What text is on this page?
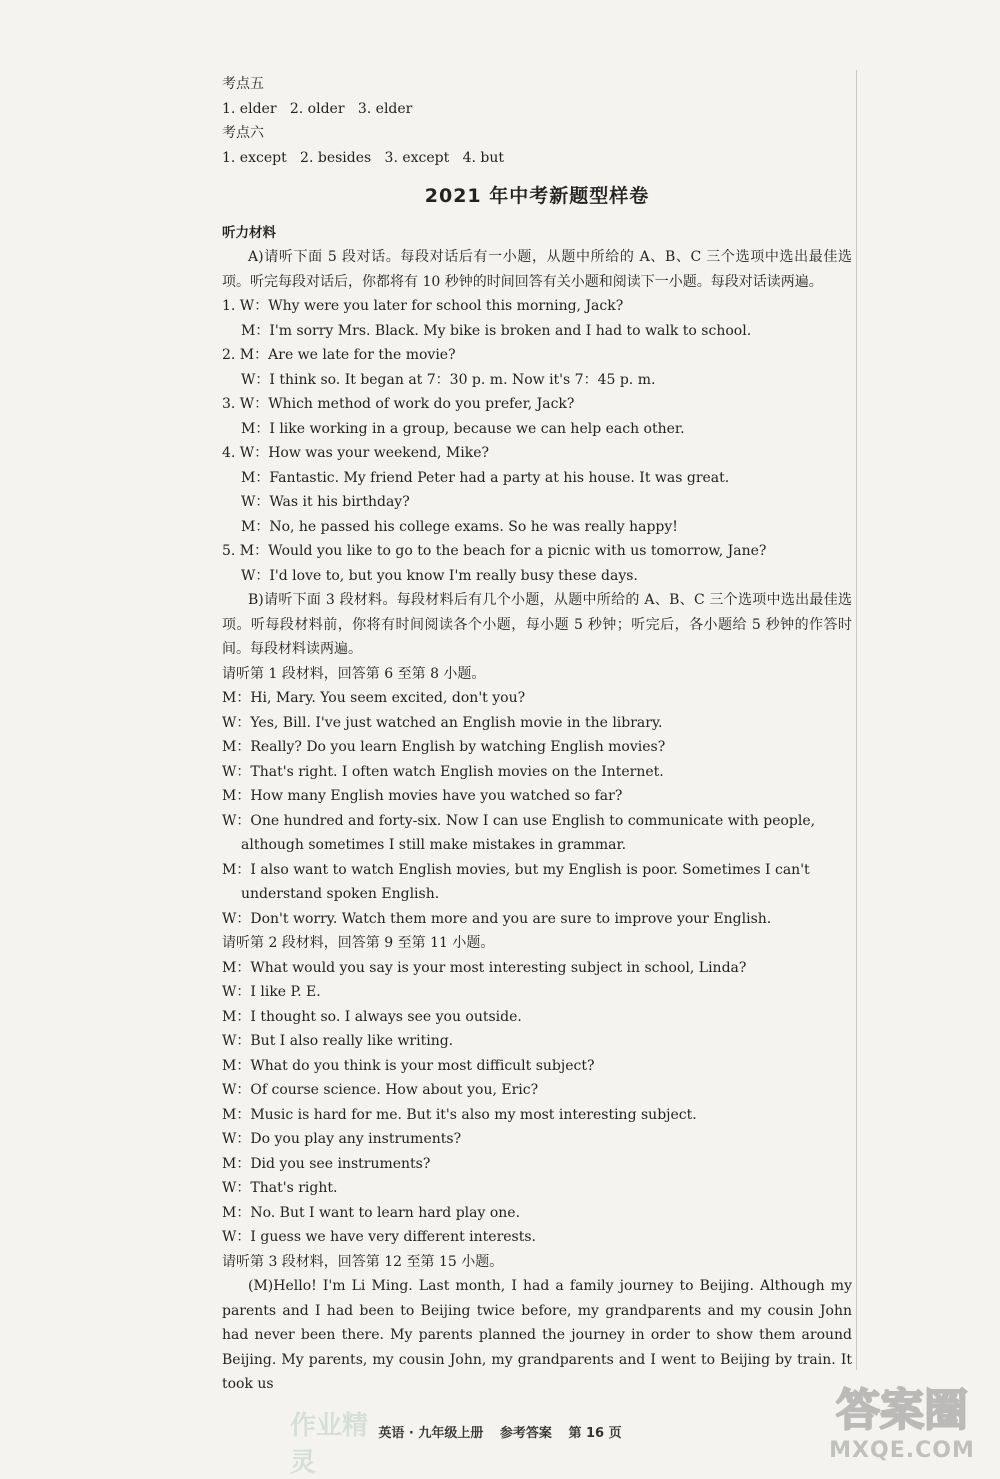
考点五
1. elder   2. older   3. elder
考点六
1. except   2. besides   3. except   4. but
2021 年中考新题型样卷
听力材料
A)请听下面 5 段对话。每段对话后有一小题，从题中所给的 A、B、C 三个选项中选出最佳选项。听完每段对话后，你都将有 10 秒钟的时间回答有关小题和阅读下一小题。每段对话读两遍。
1. W：Why were you later for school this morning, Jack?
M：I'm sorry Mrs. Black. My bike is broken and I had to walk to school.
2. M：Are we late for the movie?
W：I think so. It began at 7：30 p. m. Now it's 7：45 p. m.
3. W：Which method of work do you prefer, Jack?
M：I like working in a group, because we can help each other.
4. W：How was your weekend, Mike?
M：Fantastic. My friend Peter had a party at his house. It was great.
W：Was it his birthday?
M：No, he passed his college exams. So he was really happy!
5. M：Would you like to go to the beach for a picnic with us tomorrow, Jane?
W：I'd love to, but you know I'm really busy these days.
B)请听下面 3 段材料。每段材料后有几个小题，从题中所给的 A、B、C 三个选项中选出最佳选项。听每段材料前，你将有时间阅读各个小题，每小题 5 秒钟；听完后，各小题给 5 秒钟的作答时间。每段材料读两遍。
请听第 1 段材料，回答第 6 至第 8 小题。
M：Hi, Mary. You seem excited, don't you?
W：Yes, Bill. I've just watched an English movie in the library.
M：Really? Do you learn English by watching English movies?
W：That's right. I often watch English movies on the Internet.
M：How many English movies have you watched so far?
W：One hundred and forty-six. Now I can use English to communicate with people, although sometimes I still make mistakes in grammar.
M：I also want to watch English movies, but my English is poor. Sometimes I can't understand spoken English.
W：Don't worry. Watch them more and you are sure to improve your English.
请听第 2 段材料，回答第 9 至第 11 小题。
M：What would you say is your most interesting subject in school, Linda?
W：I like P. E.
M：I thought so. I always see you outside.
W：But I also really like writing.
M：What do you think is your most difficult subject?
W：Of course science. How about you, Eric?
M：Music is hard for me. But it's also my most interesting subject.
W：Do you play any instruments?
M：Did you see instruments?
W：That's right.
M：No. But I want to learn hard play one.
W：I guess we have very different interests.
请听第 3 段材料，回答第 12 至第 15 小题。
(M)Hello! I'm Li Ming. Last month, I had a family journey to Beijing. Although my parents and I had been to Beijing twice before, my grandparents and my cousin John had never been there. My parents planned the journey in order to show them around Beijing. My parents, my cousin John, my grandparents and I went to Beijing by train. It took us
作业精灵
英语 · 九年级上册 参考答案 第 16 页	答案圈
MXQE.COM
